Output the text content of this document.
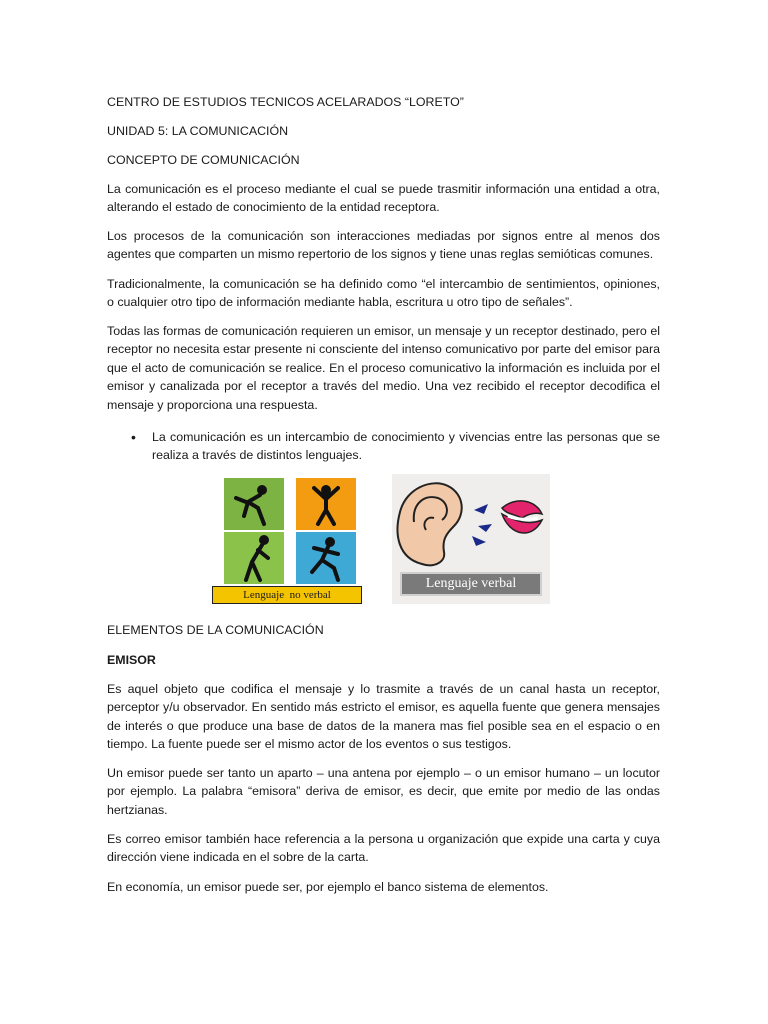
CENTRO DE ESTUDIOS TECNICOS ACELARADOS “LORETO”
UNIDAD 5: LA COMUNICACIÓN
CONCEPTO DE COMUNICACIÓN
La comunicación es el proceso mediante el cual se puede trasmitir información una entidad a otra, alterando el estado de conocimiento de la entidad receptora.
Los procesos de la comunicación son interacciones mediadas por signos entre al menos dos agentes que comparten un mismo repertorio de los signos y tiene unas reglas semióticas comunes.
Tradicionalmente, la comunicación se ha definido como “el intercambio de sentimientos, opiniones, o cualquier otro tipo de información mediante habla, escritura u otro tipo de señales”.
Todas las formas de comunicación requieren un emisor, un mensaje y un receptor destinado, pero el receptor no necesita estar presente ni consciente del intenso comunicativo por parte del emisor para que el acto de comunicación se realice. En el proceso comunicativo la información es incluida por el emisor y canalizada por el receptor a través del medio. Una vez recibido el receptor decodifica el mensaje y proporciona una respuesta.
• La comunicación es un intercambio de conocimiento y vivencias entre las personas que se realiza a través de distintos lenguajes.
Lenguaje  no verbal
Lenguaje verbal
ELEMENTOS DE LA COMUNICACIÓN
EMISOR
Es aquel objeto que codifica el mensaje y lo trasmite a través de un canal hasta un receptor, perceptor y/u observador. En sentido más estricto el emisor, es aquella fuente que genera mensajes de interés o que produce una base de datos de la manera mas fiel posible sea en el espacio o en tiempo. La fuente puede ser el mismo actor de los eventos o sus testigos.
Un emisor puede ser tanto un aparto – una antena por ejemplo – o un emisor humano – un locutor por ejemplo. La palabra “emisora” deriva de emisor, es decir, que emite por medio de las ondas hertzianas.
Es correo emisor también hace referencia a la persona u organización que expide una carta y cuya dirección viene indicada en el sobre de la carta.
En economía, un emisor puede ser, por ejemplo el banco sistema de elementos.
